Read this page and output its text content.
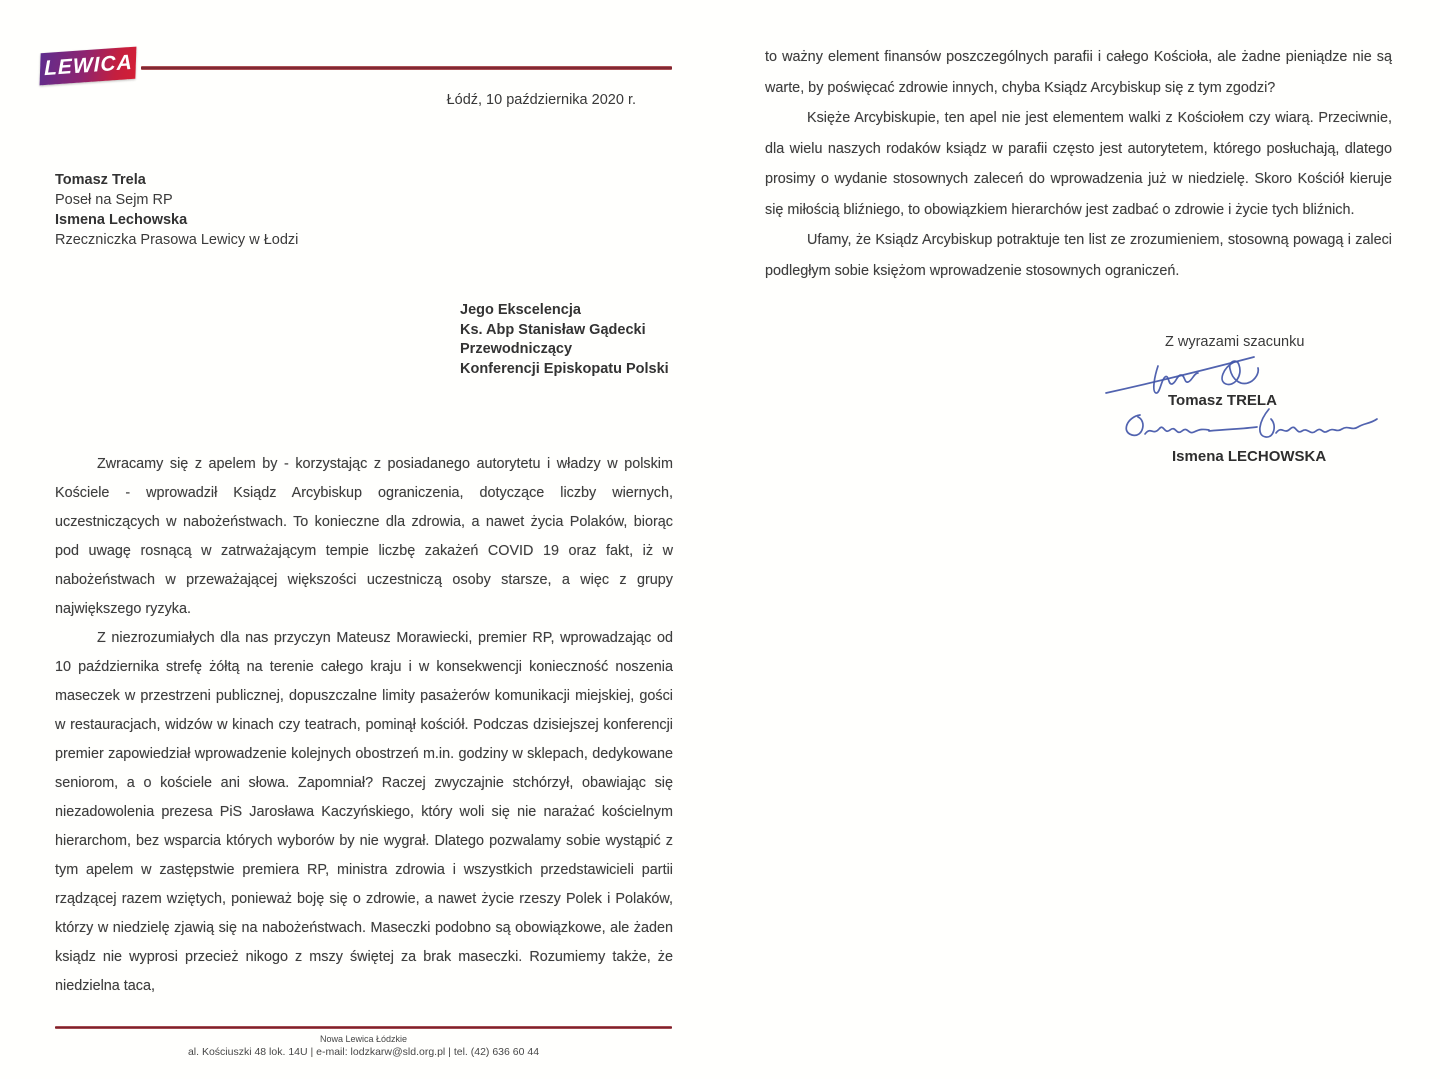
LEWICA
Łódź, 10 października 2020 r.
Tomasz Trela
Poseł na Sejm RP
Ismena Lechowska
Rzeczniczka Prasowa Lewicy w Łodzi
Jego Ekscelencja
Ks. Abp Stanisław Gądecki
Przewodniczący
Konferencji Episkopatu Polski

Zwracamy się z apelem by - korzystając z posiadanego autorytetu i władzy w polskim Kościele - wprowadził Ksiądz Arcybiskup ograniczenia, dotyczące liczby wiernych, uczestniczących w nabożeństwach. To konieczne dla zdrowia, a nawet życia Polaków, biorąc pod uwagę rosnącą w zatrważającym tempie liczbę zakażeń COVID 19 oraz fakt, iż w nabożeństwach w przeważającej większości uczestniczą osoby starsze, a więc z grupy największego ryzyka.

Z niezrozumiałych dla nas przyczyn Mateusz Morawiecki, premier RP, wprowadzając od 10 października strefę żółtą na terenie całego kraju i w konsekwencji konieczność noszenia maseczek w przestrzeni publicznej, dopuszczalne limity pasażerów komunikacji miejskiej, gości w restauracjach, widzów w kinach czy teatrach, pominął kościół. Podczas dzisiejszej konferencji premier zapowiedział wprowadzenie kolejnych obostrzeń m.in. godziny w sklepach, dedykowane seniorom, a o kościele ani słowa. Zapomniał? Raczej zwyczajnie stchórzył, obawiając się niezadowolenia prezesa PiS Jarosława Kaczyńskiego, który woli się nie narażać kościelnym hierarchom, bez wsparcia których wyborów by nie wygrał. Dlatego pozwalamy sobie wystąpić z tym apelem w zastępstwie premiera RP, ministra zdrowia i wszystkich przedstawicieli partii rządzącej razem wziętych, ponieważ boję się o zdrowie, a nawet życie rzeszy Polek i Polaków, którzy w niedzielę zjawią się na nabożeństwach. Maseczki podobno są obowiązkowe, ale żaden ksiądz nie wyprosi przecież nikogo z mszy świętej za brak maseczki. Rozumiemy także, że niedzielna taca,

Nowa Lewica Łódzkie
al. Kościuszki 48 lok. 14U | e-mail: lodzkarw@sld.org.pl | tel. (42) 636 60 44

to ważny element finansów poszczególnych parafii i całego Kościoła, ale żadne pieniądze nie są warte, by poświęcać zdrowie innych, chyba Ksiądz Arcybiskup się z tym zgodzi?

Księże Arcybiskupie, ten apel nie jest elementem walki z Kościołem czy wiarą. Przeciwnie, dla wielu naszych rodaków ksiądz w parafii często jest autorytetem, którego posłuchają, dlatego prosimy o wydanie stosownych zaleceń do wprowadzenia już w niedzielę. Skoro Kościół kieruje się miłością bliźniego, to obowiązkiem hierarchów jest zadbać o zdrowie i życie tych bliźnich.

Ufamy, że Ksiądz Arcybiskup potraktuje ten list ze zrozumieniem, stosowną powagą i zaleci podległym sobie księżom wprowadzenie stosownych ograniczeń.

Z wyrazami szacunku
Tomasz TRELA
Ismena LECHOWSKA
